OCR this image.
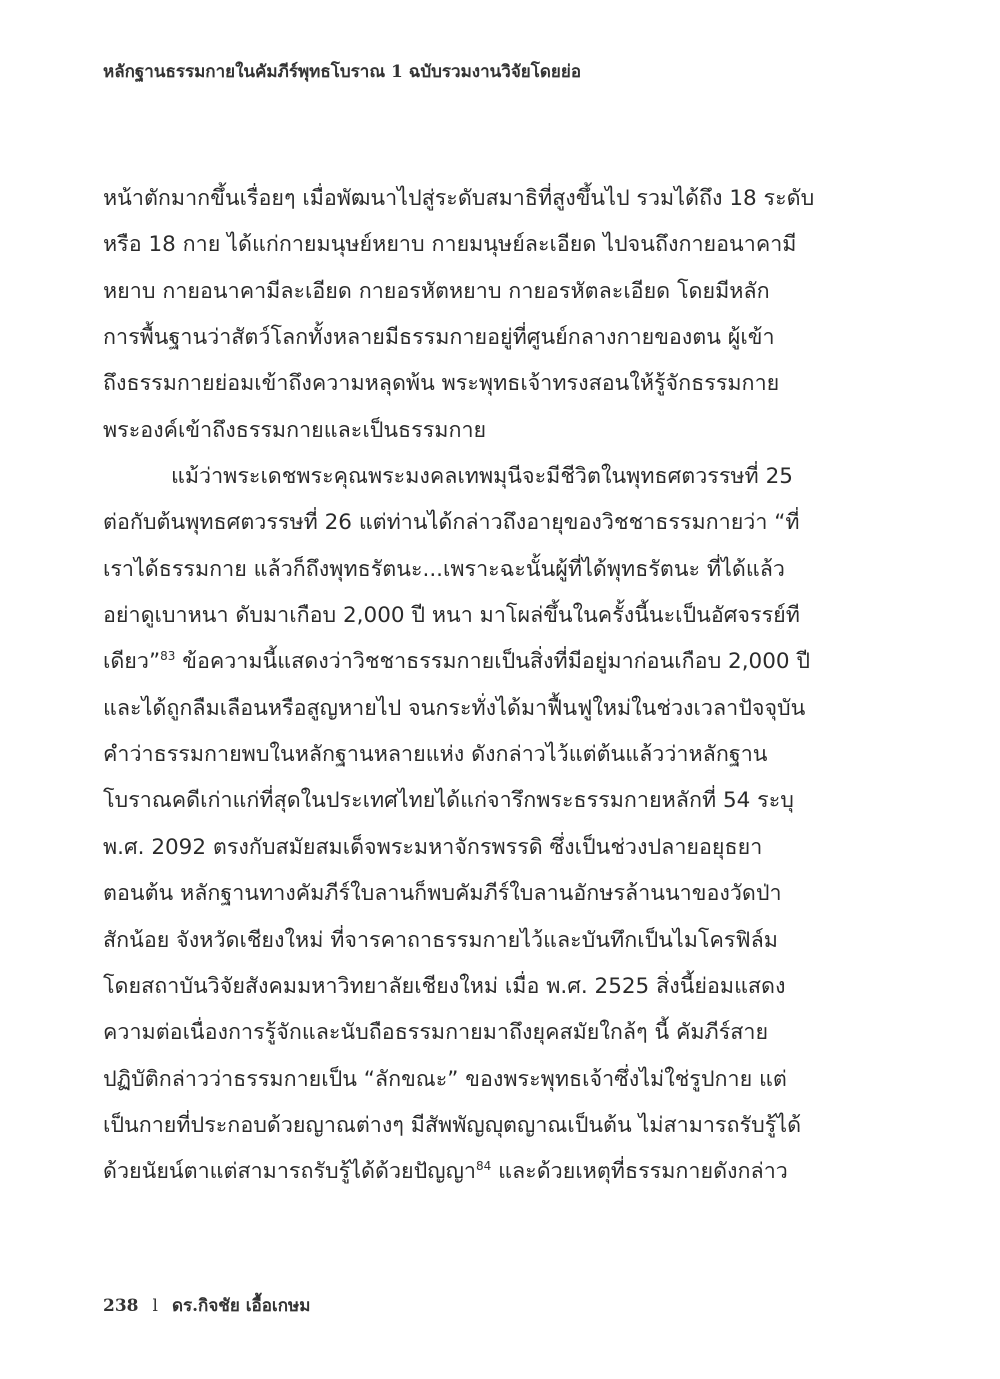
หลักฐานธรรมกายในคัมภีร์พุทธโบราณ 1 ฉบับรวมงานวิจัยโดยย่อ
หน้าตักมากขึ้นเรื่อยๆ เมื่อพัฒนาไปสู่ระดับสมาธิที่สูงขึ้นไป รวมได้ถึง 18 ระดับ
หรือ 18 กาย ได้แก่กายมนุษย์หยาบ กายมนุษย์ละเอียด ไปจนถึงกายอนาคามี
หยาบ กายอนาคามีละเอียด กายอรหัตหยาบ กายอรหัตละเอียด โดยมีหลัก
การพื้นฐานว่าสัตว์โลกทั้งหลายมีธรรมกายอยู่ที่ศูนย์กลางกายของตน ผู้เข้า
ถึงธรรมกายย่อมเข้าถึงความหลุดพ้น พระพุทธเจ้าทรงสอนให้รู้จักธรรมกาย
พระองค์เข้าถึงธรรมกายและเป็นธรรมกาย
แม้ว่าพระเดชพระคุณพระมงคลเทพมุนีจะมีชีวิตในพุทธศตวรรษที่ 25
ต่อกับต้นพุทธศตวรรษที่ 26 แต่ท่านได้กล่าวถึงอายุของวิชชาธรรมกายว่า “ที่
เราได้ธรรมกาย แล้วก็ถึงพุทธรัตนะ...เพราะฉะนั้นผู้ที่ได้พุทธรัตนะ ที่ได้แล้ว
อย่าดูเบาหนา ดับมาเกือบ 2,000 ปี หนา มาโผล่ขึ้นในครั้งนี้นะเป็นอัศจรรย์ที
เดียว”$^{83}$ ข้อความนี้แสดงว่าวิชชาธรรมกายเป็นสิ่งที่มีอยู่มาก่อนเกือบ 2,000 ปี
และได้ถูกลืมเลือนหรือสูญหายไป จนกระทั่งได้มาฟื้นฟูใหม่ในช่วงเวลาปัจจุบัน
คำว่าธรรมกายพบในหลักฐานหลายแห่ง ดังกล่าวไว้แต่ต้นแล้วว่าหลักฐาน
โบราณคดีเก่าแก่ที่สุดในประเทศไทยได้แก่จารึกพระธรรมกายหลักที่ 54 ระบุ
พ.ศ. 2092 ตรงกับสมัยสมเด็จพระมหาจักรพรรดิ ซึ่งเป็นช่วงปลายอยุธยา
ตอนต้น หลักฐานทางคัมภีร์ใบลานก็พบคัมภีร์ใบลานอักษรล้านนาของวัดป่า
สักน้อย จังหวัดเชียงใหม่ ที่จารคาถาธรรมกายไว้และบันทึกเป็นไมโครฟิล์ม
โดยสถาบันวิจัยสังคมมหาวิทยาลัยเชียงใหม่ เมื่อ พ.ศ. 2525 สิ่งนี้ย่อมแสดง
ความต่อเนื่องการรู้จักและนับถือธรรมกายมาถึงยุคสมัยใกล้ๆ นี้ คัมภีร์สาย
ปฏิบัติกล่าวว่าธรรมกายเป็น “ลักขณะ” ของพระพุทธเจ้าซึ่งไม่ใช่รูปกาย แต่
เป็นกายที่ประกอบด้วยญาณต่างๆ มีสัพพัญญุตญาณเป็นต้น ไม่สามารถรับรู้ได้
ด้วยนัยน์ตาแต่สามารถรับรู้ได้ด้วยปัญญา$^{84}$ และด้วยเหตุที่ธรรมกายดังกล่าว
238 l ดร.กิจชัย เอื้อเกษม
